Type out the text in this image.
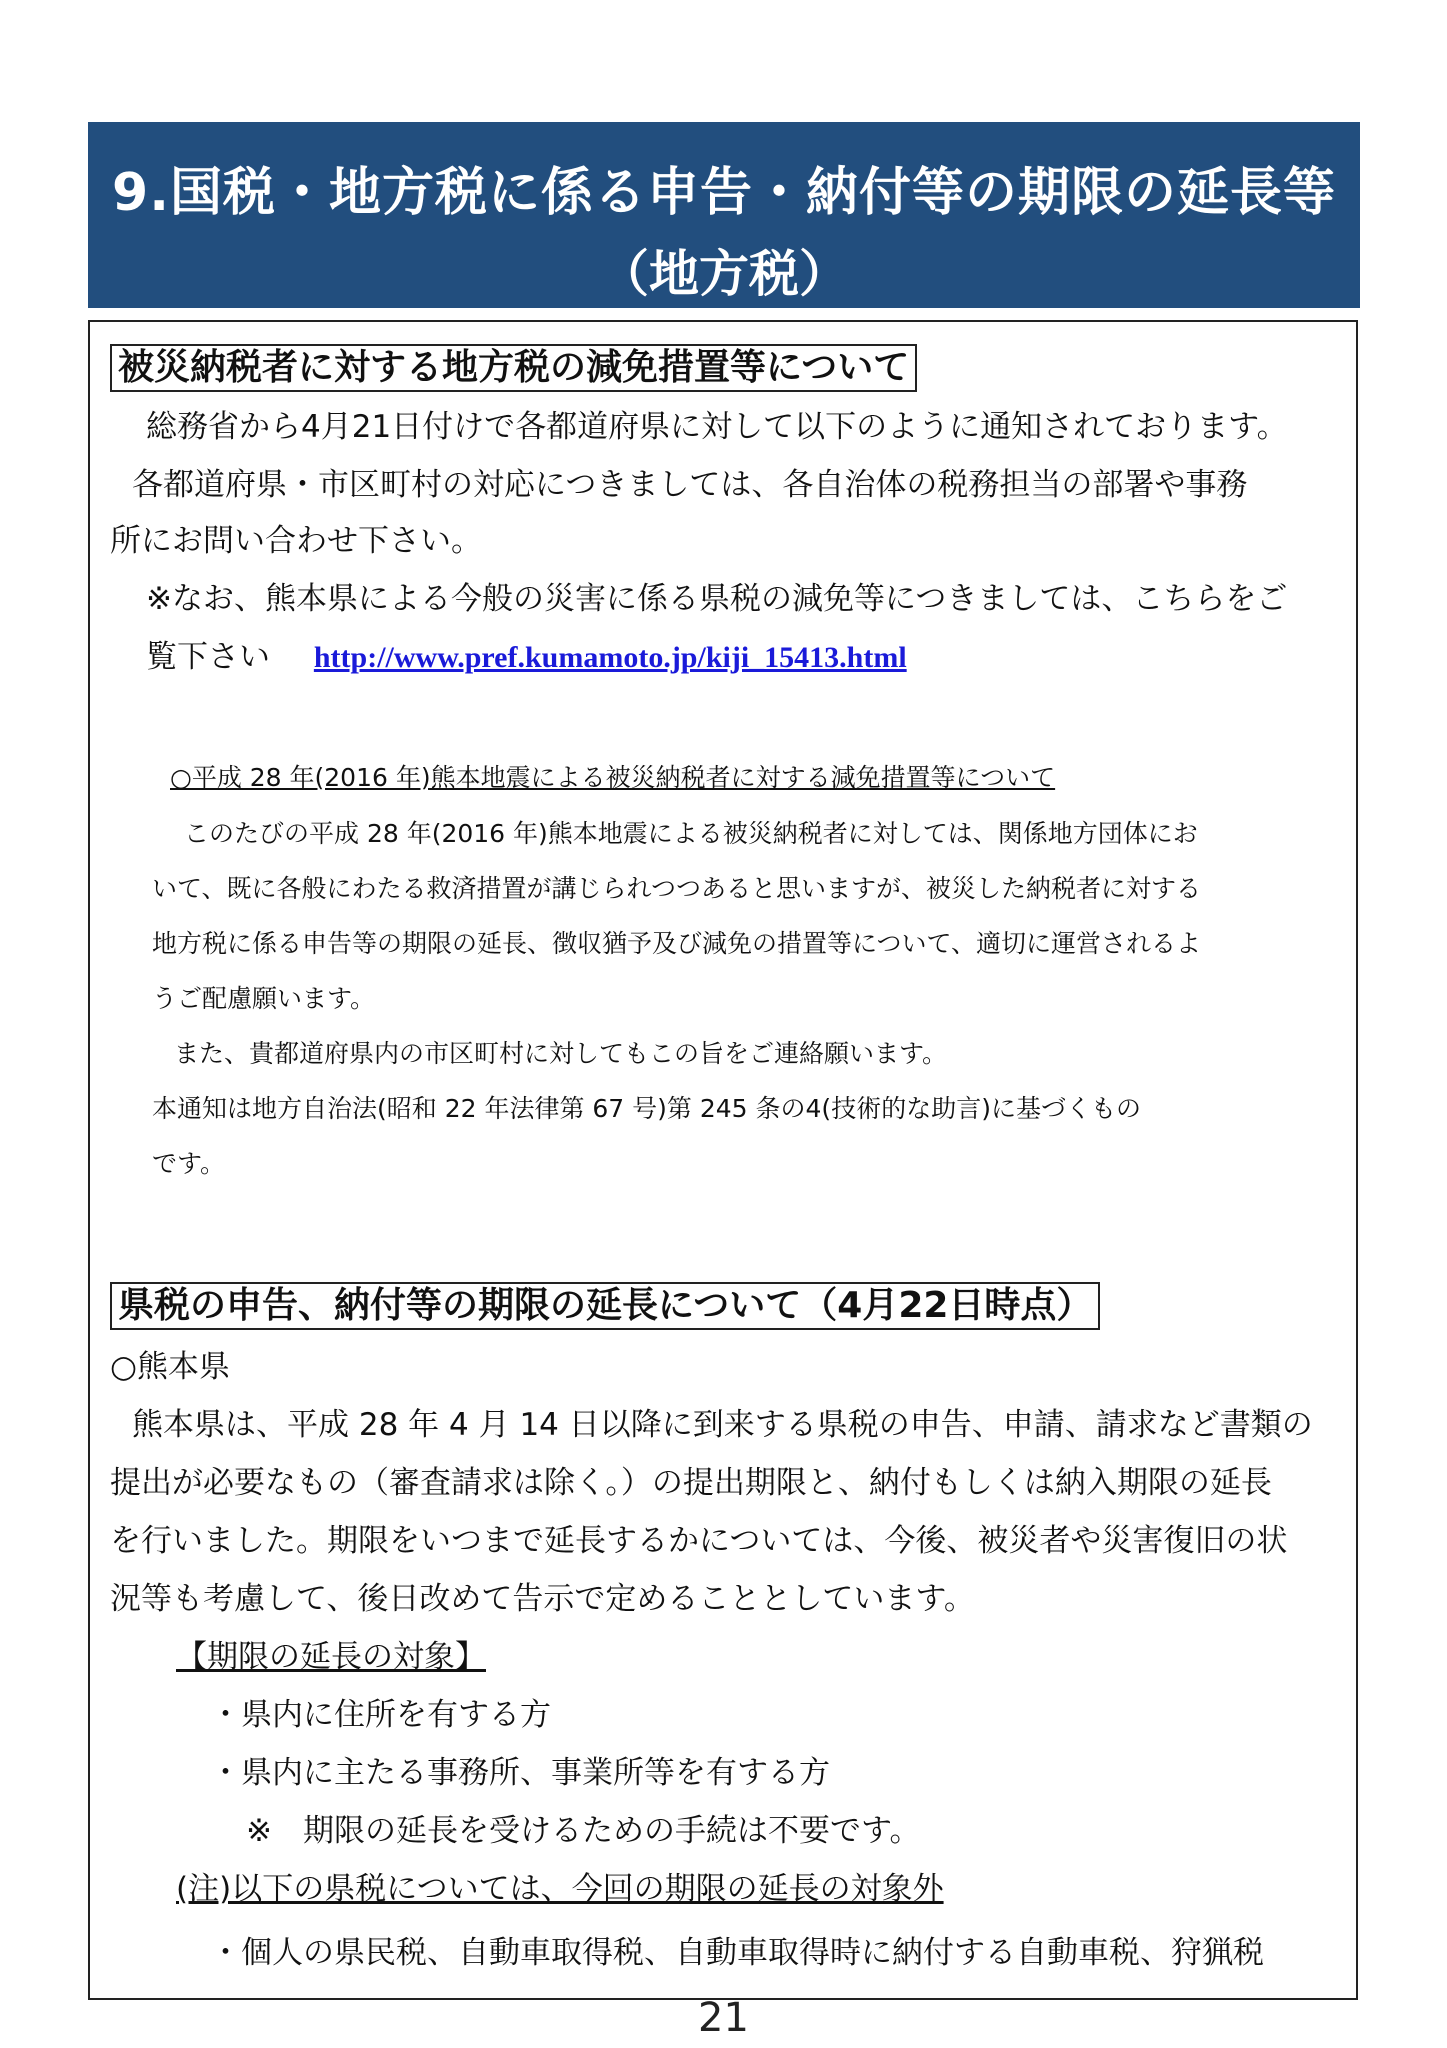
9.国税・地方税に係る申告・納付等の期限の延長等
（地方税）
被災納税者に対する地方税の減免措置等について
総務省から4月21日付けで各都道府県に対して以下のように通知されております。
各都道府県・市区町村の対応につきましては、各自治体の税務担当の部署や事務
所にお問い合わせ下さい。
※なお、熊本県による今般の災害に係る県税の減免等につきましては、こちらをご
覧下さい http://www.pref.kumamoto.jp/kiji_15413.html
○平成 28 年(2016 年)熊本地震による被災納税者に対する減免措置等について
このたびの平成 28 年(2016 年)熊本地震による被災納税者に対しては、関係地方団体にお
いて、既に各般にわたる救済措置が講じられつつあると思いますが、被災した納税者に対する
地方税に係る申告等の期限の延長、徴収猶予及び減免の措置等について、適切に運営されるよ
うご配慮願います。
また、貴都道府県内の市区町村に対してもこの旨をご連絡願います。
本通知は地方自治法(昭和 22 年法律第 67 号)第 245 条の4(技術的な助言)に基づくもの
です。
県税の申告、納付等の期限の延長について（4月22日時点）
○熊本県
熊本県は、平成 28 年 4 月 14 日以降に到来する県税の申告、申請、請求など書類の
提出が必要なもの（審査請求は除く。）の提出期限と、納付もしくは納入期限の延長
を行いました。期限をいつまで延長するかについては、今後、被災者や災害復旧の状
況等も考慮して、後日改めて告示で定めることとしています。
【期限の延長の対象】
・県内に住所を有する方
・県内に主たる事務所、事業所等を有する方
※　期限の延長を受けるための手続は不要です。
(注)以下の県税については、今回の期限の延長の対象外
・個人の県民税、自動車取得税、自動車取得時に納付する自動車税、狩猟税
21
